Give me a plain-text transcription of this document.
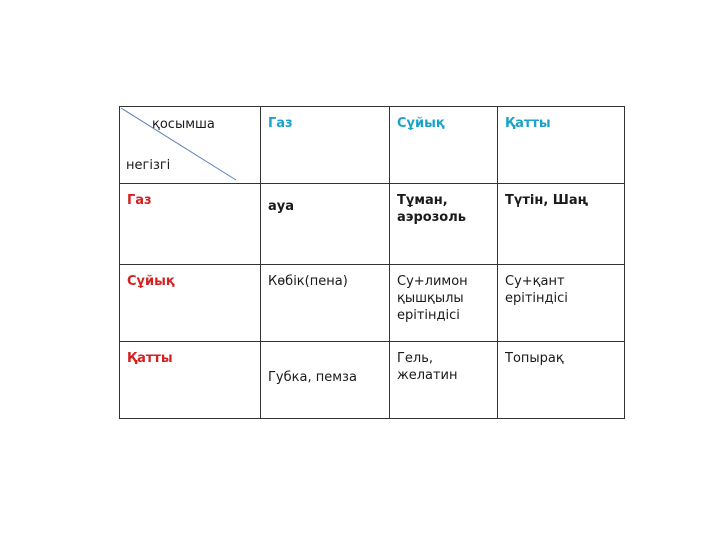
қосымша
негізгі	Газ	Сұйық	Қатты
Газ	ауа	Тұман, аэрозоль	Түтін, Шаң
Сұйық	Көбік(пена)	Су+лимон қышқылы ерітіндісі	Су+қант ерітіндісі
Қатты	Губка, пемза	Гель, желатин	Топырақ
